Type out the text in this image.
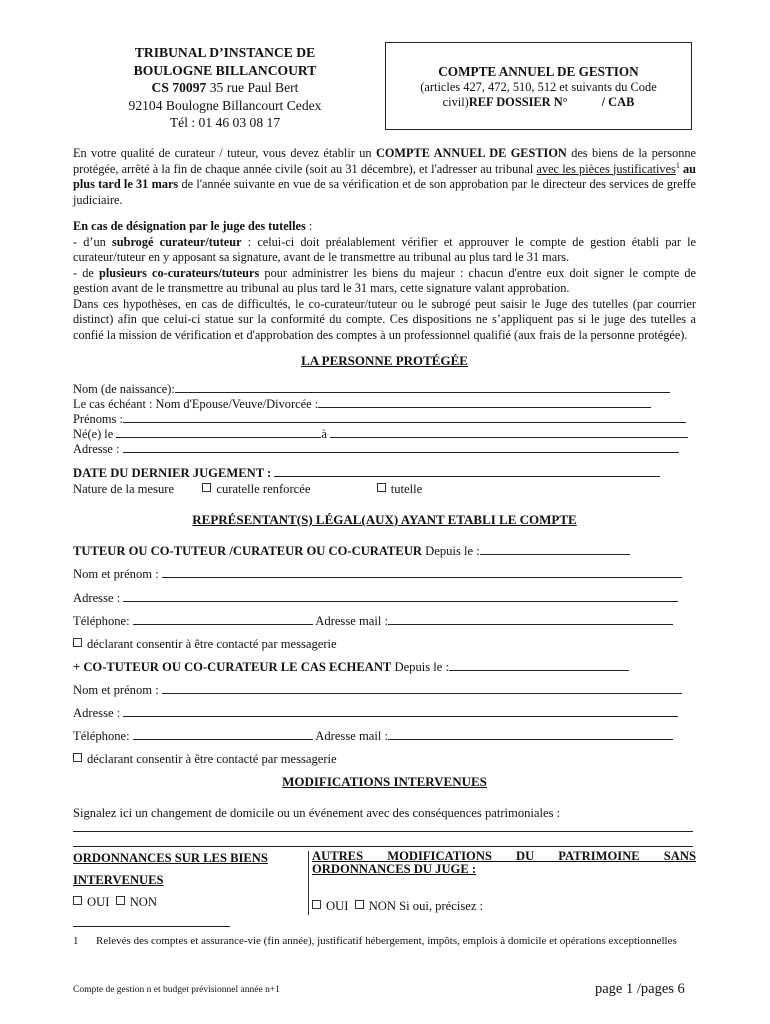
TRIBUNAL D’INSTANCE DE
BOULOGNE BILLANCOURT
CS 70097 35 rue Paul Bert
92104 Boulogne Billancourt Cedex
Tél : 01 46 03 08 17
COMPTE ANNUEL DE GESTION
(articles 427, 472, 510, 512 et suivants du Code
civil)REF DOSSIER N°	/ CAB
En votre qualité de curateur / tuteur, vous devez établir un COMPTE ANNUEL DE GESTION des biens de la personne protégée, arrêté à la fin de chaque année civile (soit au 31 décembre), et l'adresser au tribunal avec les pièces justificatives$^1$ au plus tard le 31 mars de l'année suivante en vue de sa vérification et de son approbation par le directeur des services de greffe judiciaire.
En cas de désignation par le juge des tutelles :
- d’un subrogé curateur/tuteur : celui-ci doit préalablement vérifier et approuver le compte de gestion établi par le curateur/tuteur en y apposant sa signature, avant de le transmettre au tribunal au plus tard le 31 mars.
- de plusieurs co-curateurs/tuteurs pour administrer les biens du majeur : chacun d'entre eux doit signer le compte de gestion avant de le transmettre au tribunal au plus tard le 31 mars, cette signature valant approbation.
Dans ces hypothèses, en cas de difficultés, le co-curateur/tuteur ou le subrogé peut saisir le Juge des tutelles (par courrier distinct) afin que celui-ci statue sur la conformité du compte. Ces dispositions ne s’appliquent pas si le juge des tutelles a confié la mission de vérification et d'approbation des comptes à un professionnel qualifié (aux frais de la personne protégée).
LA PERSONNE PROTÉGÉE
Nom (de naissance):
Le cas échéant : Nom d'Epouse/Veuve/Divorcée :
Prénoms :
Né(e) le	à
Adresse :
DATE DU DERNIER JUGEMENT :
Nature de la mesure	curatelle renforcée	tutelle
REPRÉSENTANT(S) LÉGAL(AUX) AYANT ETABLI LE COMPTE
TUTEUR OU CO-TUTEUR /CURATEUR OU CO-CURATEUR Depuis le :
Nom et prénom :
Adresse :
Téléphone:	Adresse mail :
déclarant consentir à être contacté par messagerie
+ CO-TUTEUR OU CO-CURATEUR LE CAS ECHEANT Depuis le :
Nom et prénom :
Adresse :
Téléphone:	Adresse mail :
déclarant consentir à être contacté par messagerie
MODIFICATIONS INTERVENUES
Signalez ici un changement de domicile ou un événement avec des conséquences patrimoniales :
ORDONNANCES SUR LES BIENS
INTERVENUES
OUI NON
AUTRES MODIFICATIONS DU PATRIMOINE SANS ORDONNANCES DU JUGE :
OUI NON Si oui, précisez :
1 Relevés des comptes et assurance-vie (fin année), justificatif hébergement, impôts, emplois à domicile et opérations exceptionnelles
Compte de gestion n et budget prévisionnel année n+1	page 1 /pages 6
